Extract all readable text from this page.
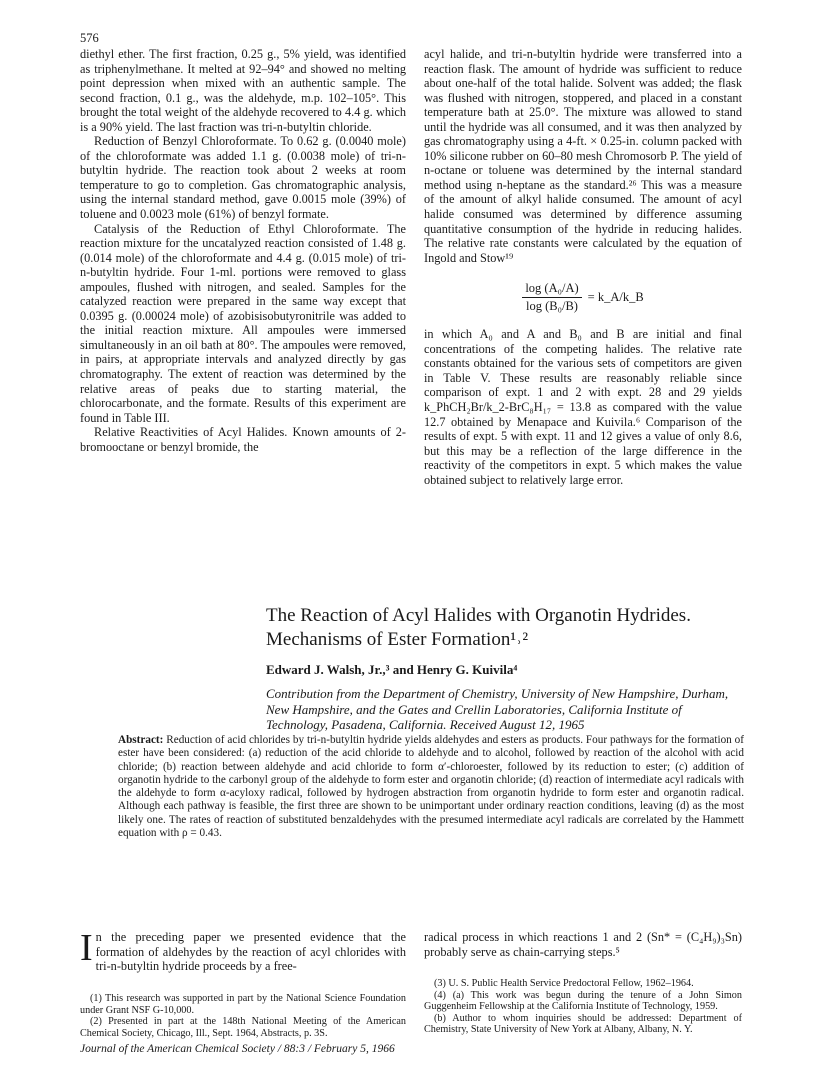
576

diethyl ether. The first fraction, 0.25 g., 5% yield, was identified as triphenylmethane. It melted at 92–94° and showed no melting point depression when mixed with an authentic sample. The second fraction, 0.1 g., was the aldehyde, m.p. 102–105°. This brought the total weight of the aldehyde recovered to 4.4 g. which is a 90% yield. The last fraction was tri-n-butyltin chloride.

Reduction of Benzyl Chloroformate. To 0.62 g. (0.0040 mole) of the chloroformate was added 1.1 g. (0.0038 mole) of tri-n-butyltin hydride. The reaction took about 2 weeks at room temperature to go to completion. Gas chromatographic analysis, using the internal standard method, gave 0.0015 mole (39%) of toluene and 0.0023 mole (61%) of benzyl formate.

Catalysis of the Reduction of Ethyl Chloroformate. The reaction mixture for the uncatalyzed reaction consisted of 1.48 g. (0.014 mole) of the chloroformate and 4.4 g. (0.015 mole) of tri-n-butyltin hydride. Four 1-ml. portions were removed to glass ampoules, flushed with nitrogen, and sealed. Samples for the catalyzed reaction were prepared in the same way except that 0.0395 g. (0.00024 mole) of azobisisobutyronitrile was added to the initial reaction mixture. All ampoules were immersed simultaneously in an oil bath at 80°. The ampoules were removed, in pairs, at appropriate intervals and analyzed directly by gas chromatography. The extent of reaction was determined by the relative areas of peaks due to starting material, the chlorocarbonate, and the formate. Results of this experiment are found in Table III.

Relative Reactivities of Acyl Halides. Known amounts of 2-bromooctane or benzyl bromide, the

acyl halide, and tri-n-butyltin hydride were transferred into a reaction flask. The amount of hydride was sufficient to reduce about one-half of the total halide. Solvent was added; the flask was flushed with nitrogen, stoppered, and placed in a constant temperature bath at 25.0°. The mixture was allowed to stand until the hydride was all consumed, and it was then analyzed by gas chromatography using a 4-ft. × 0.25-in. column packed with 10% silicone rubber on 60–80 mesh Chromosorb P. The yield of n-octane or toluene was determined by the internal standard method using n-heptane as the standard.²⁶ This was a measure of the amount of alkyl halide consumed. The amount of acyl halide consumed was determined by difference assuming quantitative consumption of the hydride in reducing halides. The relative rate constants were calculated by the equation of Ingold and Stow¹⁹

$\frac{\text{log (A₀/A)}}{\text{log (B₀/B)}}$ = k_A/k_B

in which A₀ and A and B₀ and B are initial and final concentrations of the competing halides. The relative rate constants obtained for the various sets of competitors are given in Table V. These results are reasonably reliable since comparison of expt. 1 and 2 with expt. 28 and 29 yields k_PhCH₂Br/k_2-BrC₈H₁₇ = 13.8 as compared with the value 12.7 obtained by Menapace and Kuivila.⁶ Comparison of the results of expt. 5 with expt. 11 and 12 gives a value of only 8.6, but this may be a reflection of the large difference in the reactivity of the competitors in expt. 5 which makes the value obtained subject to relatively large error.

The Reaction of Acyl Halides with Organotin Hydrides.
Mechanisms of Ester Formation¹˒²
Edward J. Walsh, Jr.,³ and Henry G. Kuivila⁴
Contribution from the Department of Chemistry, University of New Hampshire, Durham, New Hampshire, and the Gates and Crellin Laboratories, California Institute of Technology, Pasadena, California. Received August 12, 1965
Abstract: Reduction of acid chlorides by tri-n-butyltin hydride yields aldehydes and esters as products. Four pathways for the formation of ester have been considered: (a) reduction of the acid chloride to aldehyde and to alcohol, followed by reaction of the alcohol with acid chloride; (b) reaction between aldehyde and acid chloride to form α′-chloroester, followed by its reduction to ester; (c) addition of organotin hydride to the carbonyl group of the aldehyde to form ester and organotin chloride; (d) reaction of intermediate acyl radicals with the aldehyde to form α-acyloxy radical, followed by hydrogen abstraction from organotin hydride to form ester and organotin radical. Although each pathway is feasible, the first three are shown to be unimportant under ordinary reaction conditions, leaving (d) as the most likely one. The rates of reaction of substituted benzaldehydes with the presumed intermediate acyl radicals are correlated by the Hammett equation with ρ = 0.43.
I n the preceding paper we presented evidence that the formation of aldehydes by the reaction of acyl chlorides with tri-n-butyltin hydride proceeds by a free-
radical process in which reactions 1 and 2 (Sn* = (C₄H₉)₃Sn) probably serve as chain-carrying steps.⁵

(1) This research was supported in part by the National Science Foundation under Grant NSF G-10,000.

(2) Presented in part at the 148th National Meeting of the American Chemical Society, Chicago, Ill., Sept. 1964, Abstracts, p. 3S.

(3) U. S. Public Health Service Predoctoral Fellow, 1962–1964.

(4) (a) This work was begun during the tenure of a John Simon Guggenheim Fellowship at the California Institute of Technology, 1959.

(b) Author to whom inquiries should be addressed: Department of Chemistry, State University of New York at Albany, Albany, N. Y.

Journal of the American Chemical Society / 88:3 / February 5, 1966
